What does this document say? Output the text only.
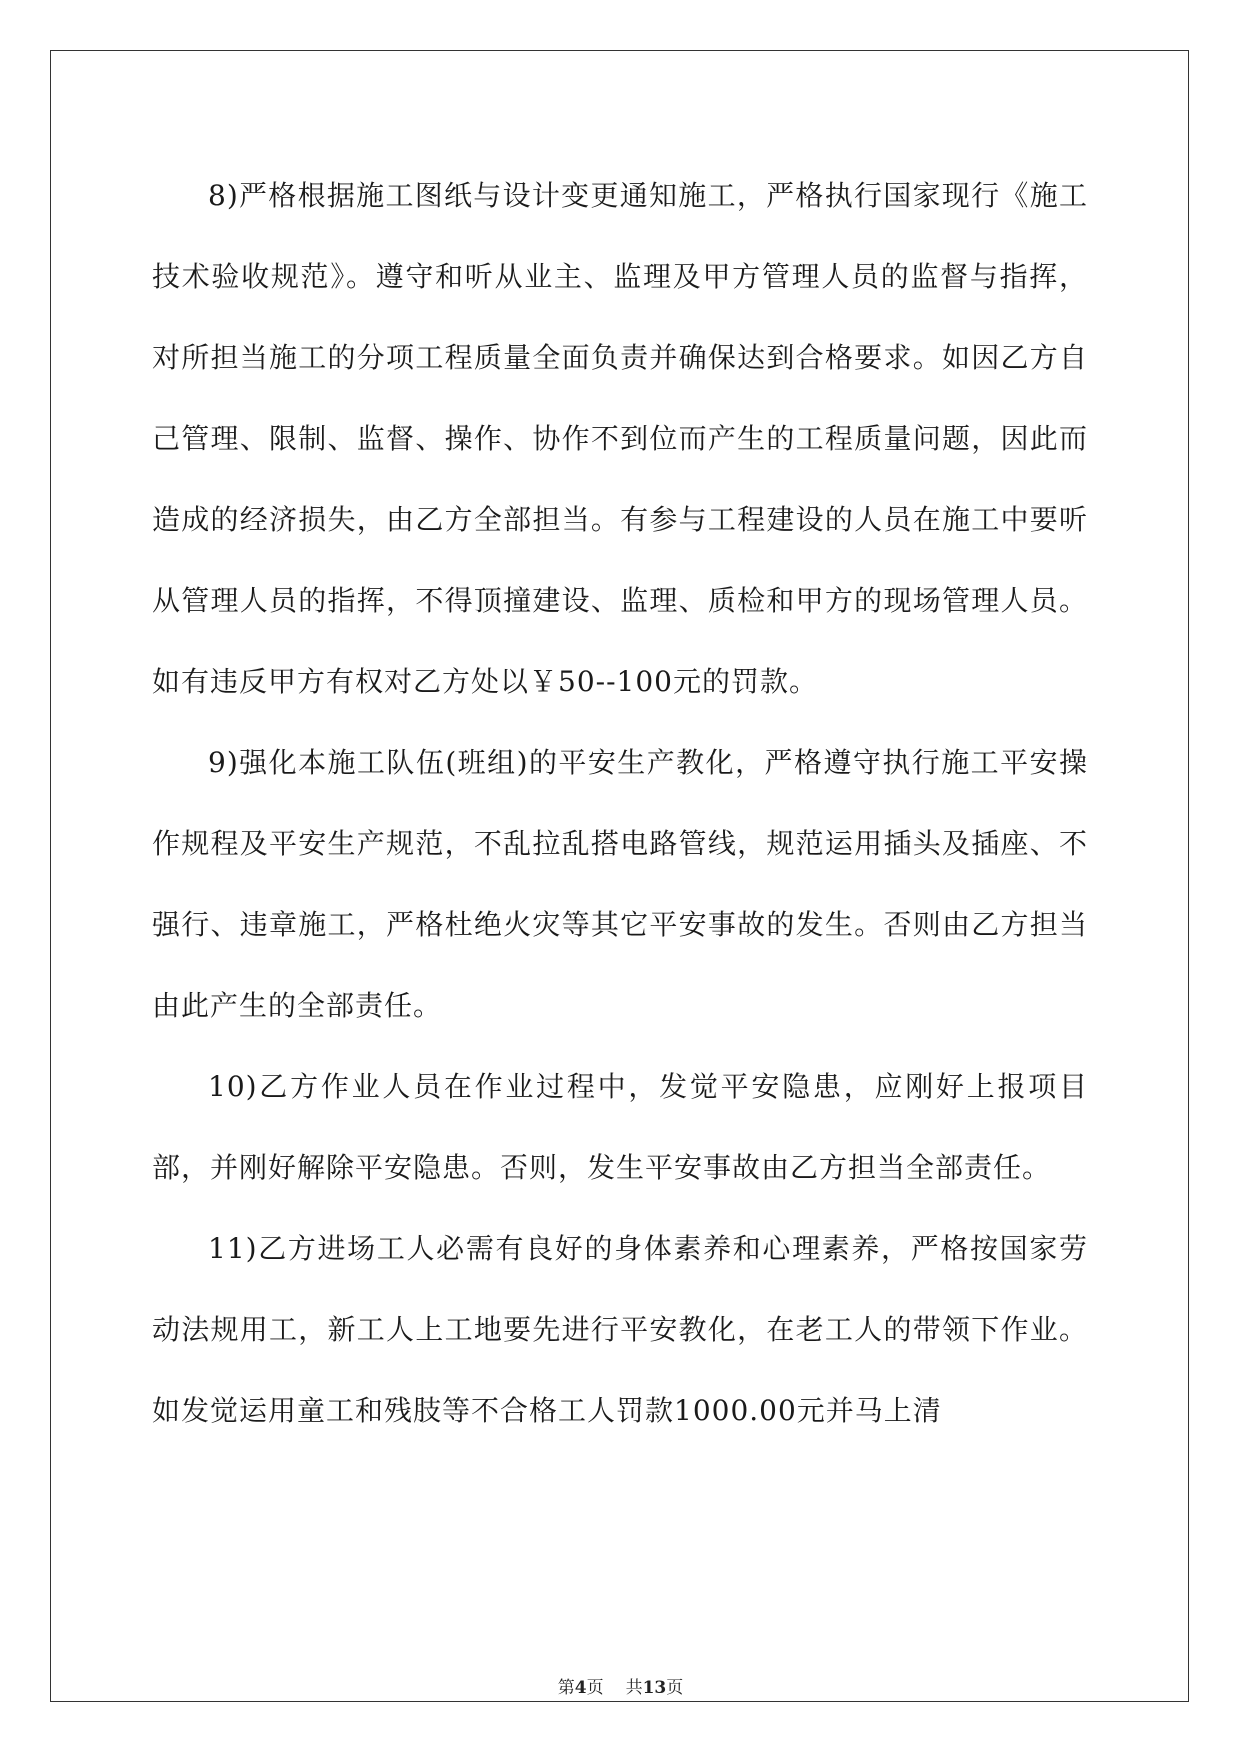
8)严格根据施工图纸与设计变更通知施工，严格执行国家现行《施工技术验收规范》。遵守和听从业主、监理及甲方管理人员的监督与指挥，对所担当施工的分项工程质量全面负责并确保达到合格要求。如因乙方自己管理、限制、监督、操作、协作不到位而产生的工程质量问题，因此而造成的经济损失，由乙方全部担当。有参与工程建设的人员在施工中要听从管理人员的指挥，不得顶撞建设、监理、质检和甲方的现场管理人员。如有违反甲方有权对乙方处以￥50--100元的罚款。

9)强化本施工队伍(班组)的平安生产教化，严格遵守执行施工平安操作规程及平安生产规范，不乱拉乱搭电路管线，规范运用插头及插座、不强行、违章施工，严格杜绝火灾等其它平安事故的发生。否则由乙方担当由此产生的全部责任。

10)乙方作业人员在作业过程中，发觉平安隐患，应刚好上报项目部，并刚好解除平安隐患。否则，发生平安事故由乙方担当全部责任。

11)乙方进场工人必需有良好的身体素养和心理素养，严格按国家劳动法规用工，新工人上工地要先进行平安教化，在老工人的带领下作业。如发觉运用童工和残肢等不合格工人罚款1000.00元并马上清

第4页 共13页
